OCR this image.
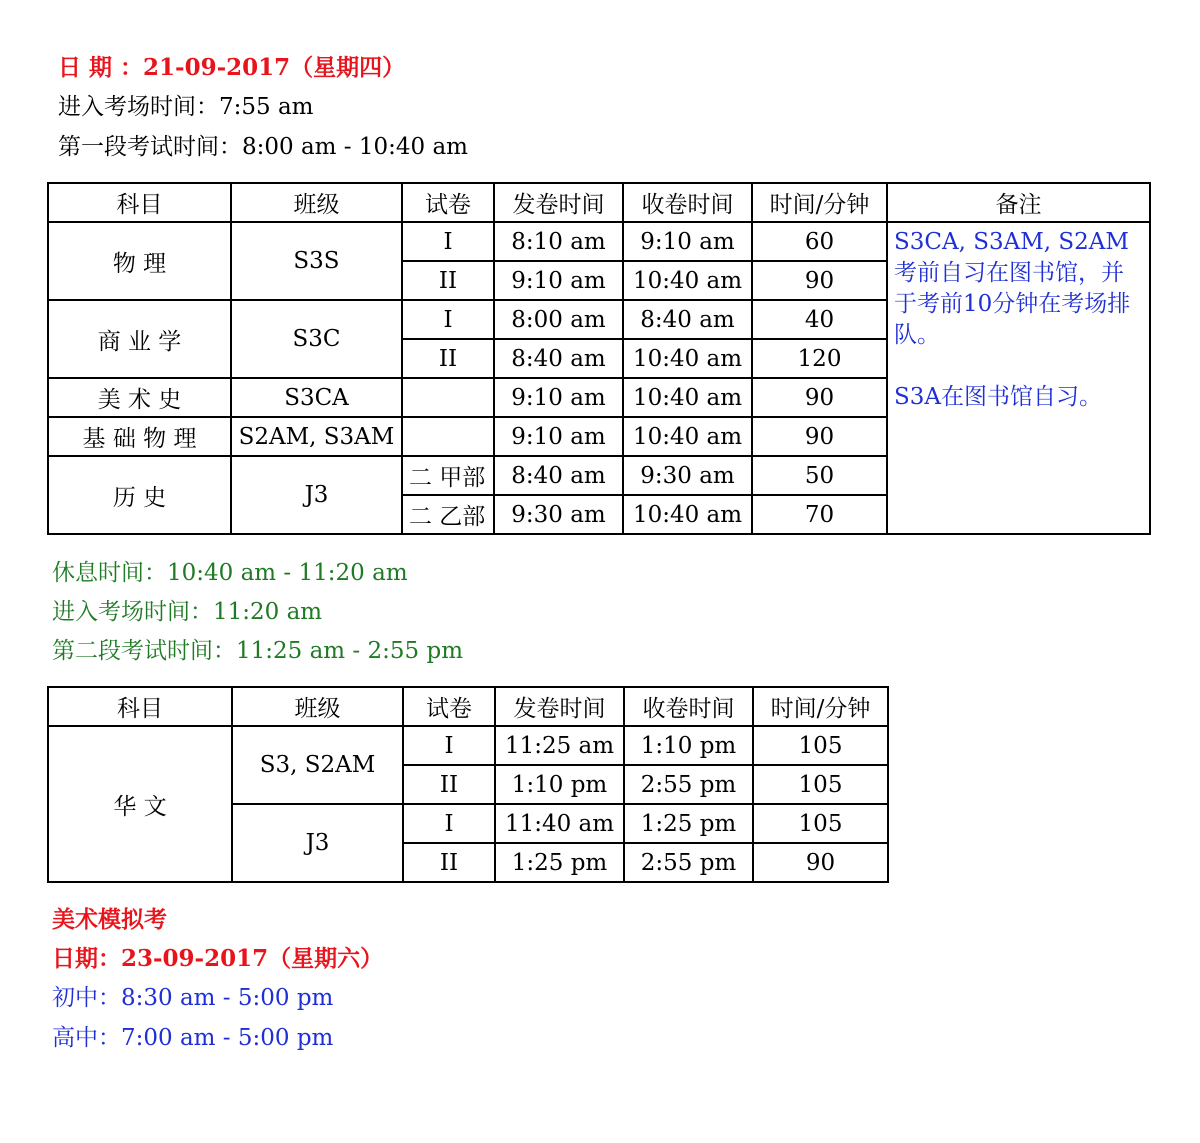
日 期 ：21-09-2017（星期四）
进入考场时间：7:55 am
第一段考试时间：8:00 am - 10:40 am
科目	班级	试卷	发卷时间	收卷时间	时间/分钟	备注
物 理	S3S	I	8:10 am	9:10 am	60	S3CA, S3AM, S2AM考前自习在图书馆，并于考前10分钟在考场排队。

S3A在图书馆自习。

		II	9:10 am	10:40 am	90	
商 业 学	S3C	I	8:00 am	8:40 am	40	
		II	8:40 am	10:40 am	120	
美 术 史	S3CA		9:10 am	10:40 am	90	
基 础 物 理	S2AM, S3AM		9:10 am	10:40 am	90	
历 史	J3	二 甲部	8:40 am	9:30 am	50	
		二 乙部	9:30 am	10:40 am	70	
休息时间：10:40 am - 11:20 am
进入考场时间：11:20 am
第二段考试时间：11:25 am - 2:55 pm
科目	班级	试卷	发卷时间	收卷时间	时间/分钟
华 文	S3, S2AM	I	11:25 am	1:10 pm	105
		II	1:10 pm	2:55 pm	105
	J3	I	11:40 am	1:25 pm	105
		II	1:25 pm	2:55 pm	90
美术模拟考
日期：23-09-2017（星期六）
初中：8:30 am - 5:00 pm
高中：7:00 am - 5:00 pm
